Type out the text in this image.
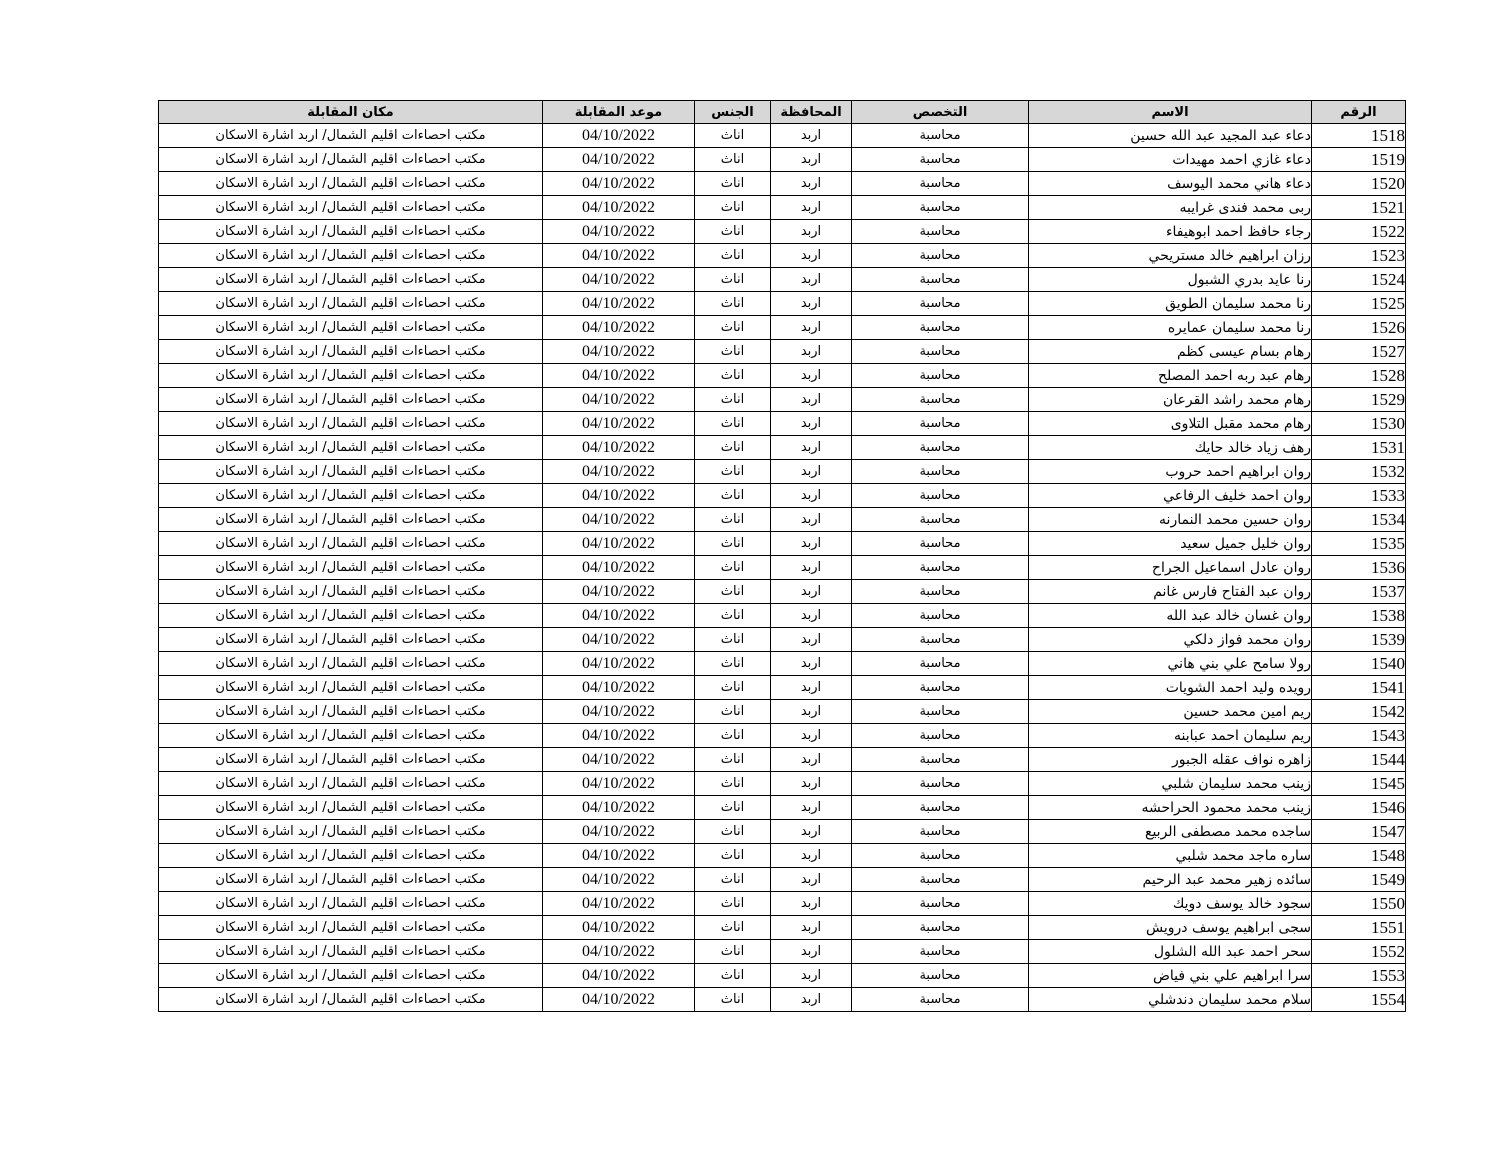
الرقم	الاسم	التخصص	المحافظة	الجنس	موعد المقابلة	مكان المقابلة
1518	دعاء عبد المجيد عبد الله حسين	محاسبة	اربد	اناث	04/10/2022	مكتب احصاءات اقليم الشمال/ اربد اشارة الاسكان
1519	دعاء غازي احمد مهيدات	محاسبة	اربد	اناث	04/10/2022	مكتب احصاءات اقليم الشمال/ اربد اشارة الاسكان
1520	دعاء هاني محمد اليوسف	محاسبة	اربد	اناث	04/10/2022	مكتب احصاءات اقليم الشمال/ اربد اشارة الاسكان
1521	ربى محمد فندى غرايبه	محاسبة	اربد	اناث	04/10/2022	مكتب احصاءات اقليم الشمال/ اربد اشارة الاسكان
1522	رجاء حافظ احمد ابوهيفاء	محاسبة	اربد	اناث	04/10/2022	مكتب احصاءات اقليم الشمال/ اربد اشارة الاسكان
1523	رزان ابراهيم خالد مستريحي	محاسبة	اربد	اناث	04/10/2022	مكتب احصاءات اقليم الشمال/ اربد اشارة الاسكان
1524	رنا عايد بدري الشبول	محاسبة	اربد	اناث	04/10/2022	مكتب احصاءات اقليم الشمال/ اربد اشارة الاسكان
1525	رنا محمد سليمان الطويق	محاسبة	اربد	اناث	04/10/2022	مكتب احصاءات اقليم الشمال/ اربد اشارة الاسكان
1526	رنا محمد سليمان عمايره	محاسبة	اربد	اناث	04/10/2022	مكتب احصاءات اقليم الشمال/ اربد اشارة الاسكان
1527	رهام بسام عيسى كظم	محاسبة	اربد	اناث	04/10/2022	مكتب احصاءات اقليم الشمال/ اربد اشارة الاسكان
1528	رهام عبد ربه احمد المصلح	محاسبة	اربد	اناث	04/10/2022	مكتب احصاءات اقليم الشمال/ اربد اشارة الاسكان
1529	رهام محمد راشد القرعان	محاسبة	اربد	اناث	04/10/2022	مكتب احصاءات اقليم الشمال/ اربد اشارة الاسكان
1530	رهام محمد مقبل التلاوى	محاسبة	اربد	اناث	04/10/2022	مكتب احصاءات اقليم الشمال/ اربد اشارة الاسكان
1531	رهف زياد خالد حايك	محاسبة	اربد	اناث	04/10/2022	مكتب احصاءات اقليم الشمال/ اربد اشارة الاسكان
1532	روان ابراهيم احمد حروب	محاسبة	اربد	اناث	04/10/2022	مكتب احصاءات اقليم الشمال/ اربد اشارة الاسكان
1533	روان احمد خليف الرفاعي	محاسبة	اربد	اناث	04/10/2022	مكتب احصاءات اقليم الشمال/ اربد اشارة الاسكان
1534	روان حسين محمد النمارنه	محاسبة	اربد	اناث	04/10/2022	مكتب احصاءات اقليم الشمال/ اربد اشارة الاسكان
1535	روان خليل جميل سعيد	محاسبة	اربد	اناث	04/10/2022	مكتب احصاءات اقليم الشمال/ اربد اشارة الاسكان
1536	روان عادل اسماعيل الجراح	محاسبة	اربد	اناث	04/10/2022	مكتب احصاءات اقليم الشمال/ اربد اشارة الاسكان
1537	روان عبد الفتاح فارس غانم	محاسبة	اربد	اناث	04/10/2022	مكتب احصاءات اقليم الشمال/ اربد اشارة الاسكان
1538	روان غسان خالد عبد الله	محاسبة	اربد	اناث	04/10/2022	مكتب احصاءات اقليم الشمال/ اربد اشارة الاسكان
1539	روان محمد فواز دلكي	محاسبة	اربد	اناث	04/10/2022	مكتب احصاءات اقليم الشمال/ اربد اشارة الاسكان
1540	رولا سامح علي بني هاني	محاسبة	اربد	اناث	04/10/2022	مكتب احصاءات اقليم الشمال/ اربد اشارة الاسكان
1541	رويده وليد احمد الشويات	محاسبة	اربد	اناث	04/10/2022	مكتب احصاءات اقليم الشمال/ اربد اشارة الاسكان
1542	ريم امين محمد حسين	محاسبة	اربد	اناث	04/10/2022	مكتب احصاءات اقليم الشمال/ اربد اشارة الاسكان
1543	ريم سليمان احمد عبابنه	محاسبة	اربد	اناث	04/10/2022	مكتب احصاءات اقليم الشمال/ اربد اشارة الاسكان
1544	زاهره نواف عقله الجبور	محاسبة	اربد	اناث	04/10/2022	مكتب احصاءات اقليم الشمال/ اربد اشارة الاسكان
1545	زينب محمد سليمان شلبي	محاسبة	اربد	اناث	04/10/2022	مكتب احصاءات اقليم الشمال/ اربد اشارة الاسكان
1546	زينب محمد محمود الحراحشه	محاسبة	اربد	اناث	04/10/2022	مكتب احصاءات اقليم الشمال/ اربد اشارة الاسكان
1547	ساجده محمد مصطفى الربيع	محاسبة	اربد	اناث	04/10/2022	مكتب احصاءات اقليم الشمال/ اربد اشارة الاسكان
1548	ساره ماجد محمد شلبي	محاسبة	اربد	اناث	04/10/2022	مكتب احصاءات اقليم الشمال/ اربد اشارة الاسكان
1549	سائده زهير محمد عبد الرحيم	محاسبة	اربد	اناث	04/10/2022	مكتب احصاءات اقليم الشمال/ اربد اشارة الاسكان
1550	سجود خالد يوسف دويك	محاسبة	اربد	اناث	04/10/2022	مكتب احصاءات اقليم الشمال/ اربد اشارة الاسكان
1551	سجى ابراهيم يوسف درويش	محاسبة	اربد	اناث	04/10/2022	مكتب احصاءات اقليم الشمال/ اربد اشارة الاسكان
1552	سحر احمد عبد الله الشلول	محاسبة	اربد	اناث	04/10/2022	مكتب احصاءات اقليم الشمال/ اربد اشارة الاسكان
1553	سرا ابراهيم علي بني فياض	محاسبة	اربد	اناث	04/10/2022	مكتب احصاءات اقليم الشمال/ اربد اشارة الاسكان
1554	سلام محمد سليمان دندشلي	محاسبة	اربد	اناث	04/10/2022	مكتب احصاءات اقليم الشمال/ اربد اشارة الاسكان
